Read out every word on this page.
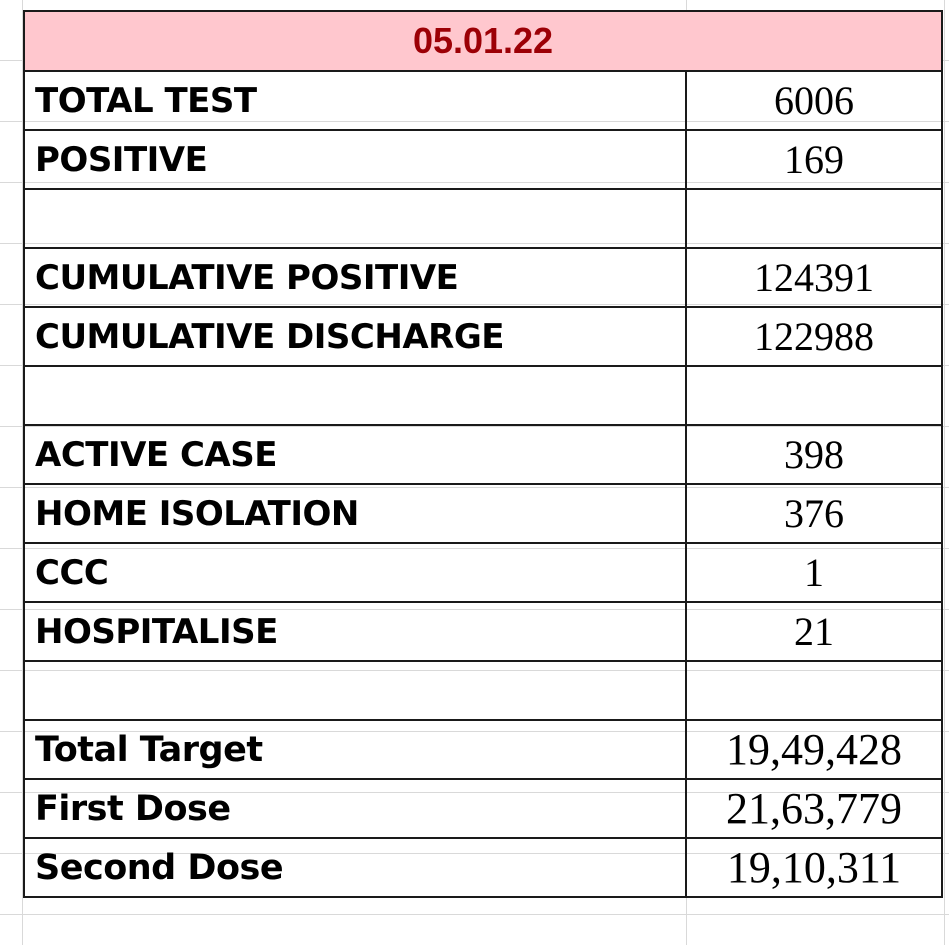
05.01.22	
TOTAL TEST	6006
POSITIVE	169

CUMULATIVE POSITIVE	124391
CUMULATIVE DISCHARGE	122988

ACTIVE CASE	398
HOME ISOLATION	376
CCC	1
HOSPITALISE	21

Total Target	19,49,428
First Dose	21,63,779
Second Dose	19,10,311
